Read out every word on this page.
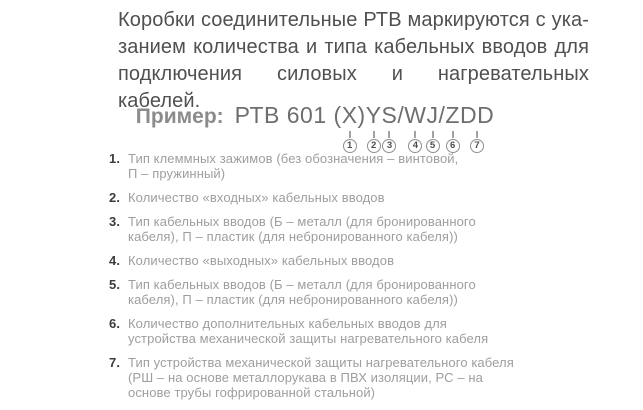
Коробки соединительные РТВ маркируются с ука-
занием количества и типа кабельных вводов для
подключения силовых и нагревательных кабелей.

Пример: РТВ 601 (X
1
)Y
2
S
3
/W
4
J
5
/Z
6
DD
7

1. Тип клеммных зажимов (без обозначения – винтовой,
П – пружинный)
2. Количество «входных» кабельных вводов
3. Тип кабельных вводов (Б – металл (для бронированного
кабеля), П – пластик (для небронированного кабеля))
4. Количество «выходных» кабельных вводов
5. Тип кабельных вводов (Б – металл (для бронированного
кабеля), П – пластик (для небронированного кабеля))
6. Количество дополнительных кабельных вводов для
устройства механической защиты нагревательного кабеля
7. Тип устройства механической защиты нагревательного кабеля
(РШ – на основе металлорукава в ПВХ изоляции, РС – на
основе трубы гофрированной стальной)
